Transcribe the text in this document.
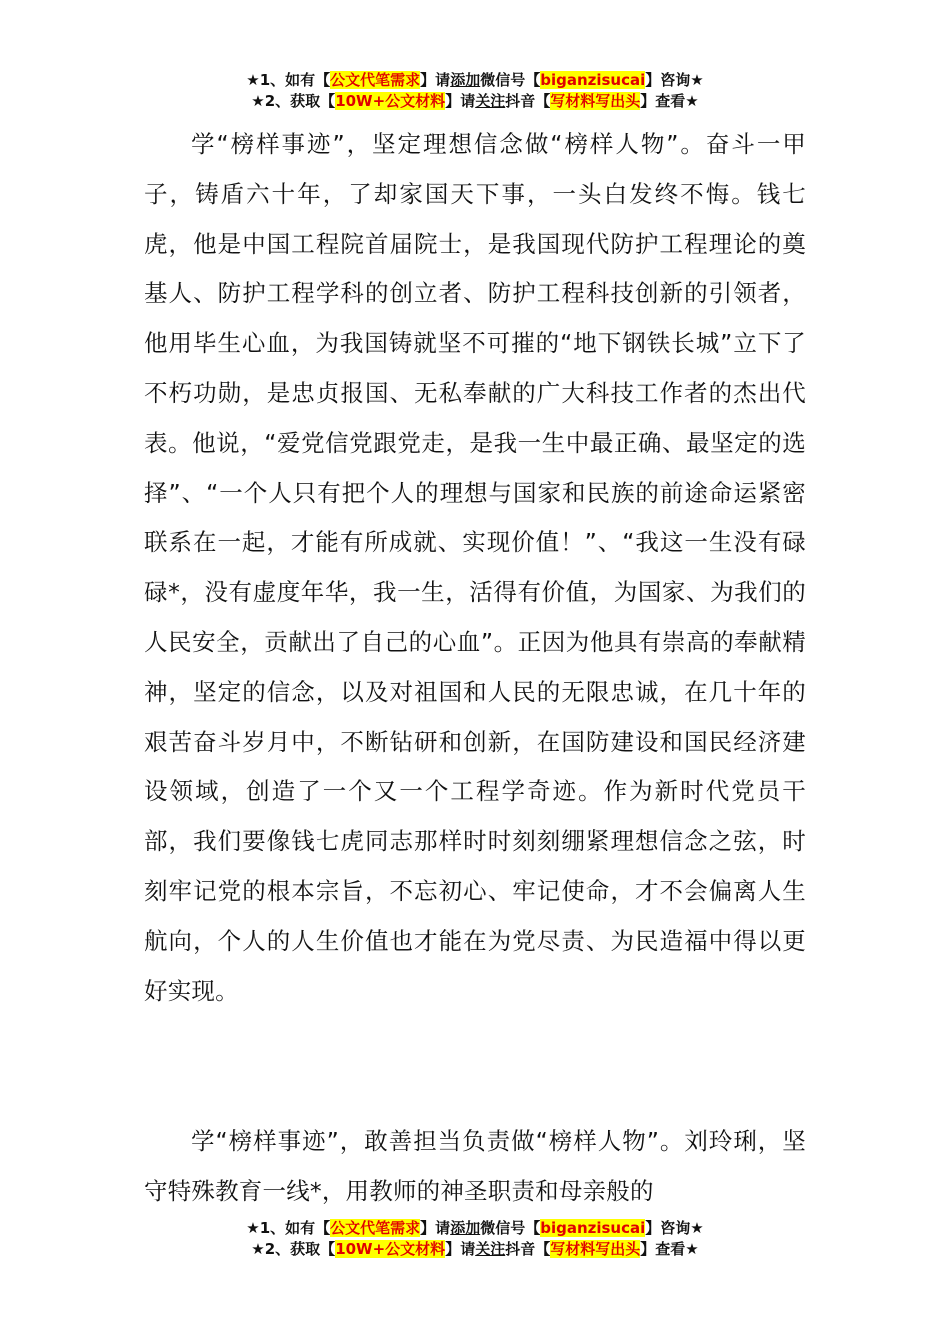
★1、如有【公文代笔需求】请添加微信号【biganzisucai】咨询★
★2、获取【10W+公文材料】请关注抖音【写材料写出头】查看★

学“榜样事迹”，坚定理想信念做“榜样人物”。奋斗一甲子，铸盾六十年，了却家国天下事，一头白发终不悔。钱七虎，他是中国工程院首届院士，是我国现代防护工程理论的奠基人、防护工程学科的创立者、防护工程科技创新的引领者，他用毕生心血，为我国铸就坚不可摧的“地下钢铁长城”立下了不朽功勋，是忠贞报国、无私奉献的广大科技工作者的杰出代表。他说，“爱党信党跟党走，是我一生中最正确、最坚定的选择”、“一个人只有把个人的理想与国家和民族的前途命运紧密联系在一起，才能有所成就、实现价值！”、“我这一生没有碌碌*，没有虚度年华，我一生，活得有价值，为国家、为我们的人民安全，贡献出了自己的心血”。正因为他具有崇高的奉献精神，坚定的信念，以及对祖国和人民的无限忠诚，在几十年的艰苦奋斗岁月中，不断钻研和创新，在国防建设和国民经济建设领域，创造了一个又一个工程学奇迹。作为新时代党员干部，我们要像钱七虎同志那样时时刻刻绷紧理想信念之弦，时刻牢记党的根本宗旨，不忘初心、牢记使命，才不会偏离人生航向，个人的人生价值也才能在为党尽责、为民造福中得以更好实现。

学“榜样事迹”，敢善担当负责做“榜样人物”。刘玲琍，坚守特殊教育一线*，用教师的神圣职责和母亲般的

★1、如有【公文代笔需求】请添加微信号【biganzisucai】咨询★
★2、获取【10W+公文材料】请关注抖音【写材料写出头】查看★
